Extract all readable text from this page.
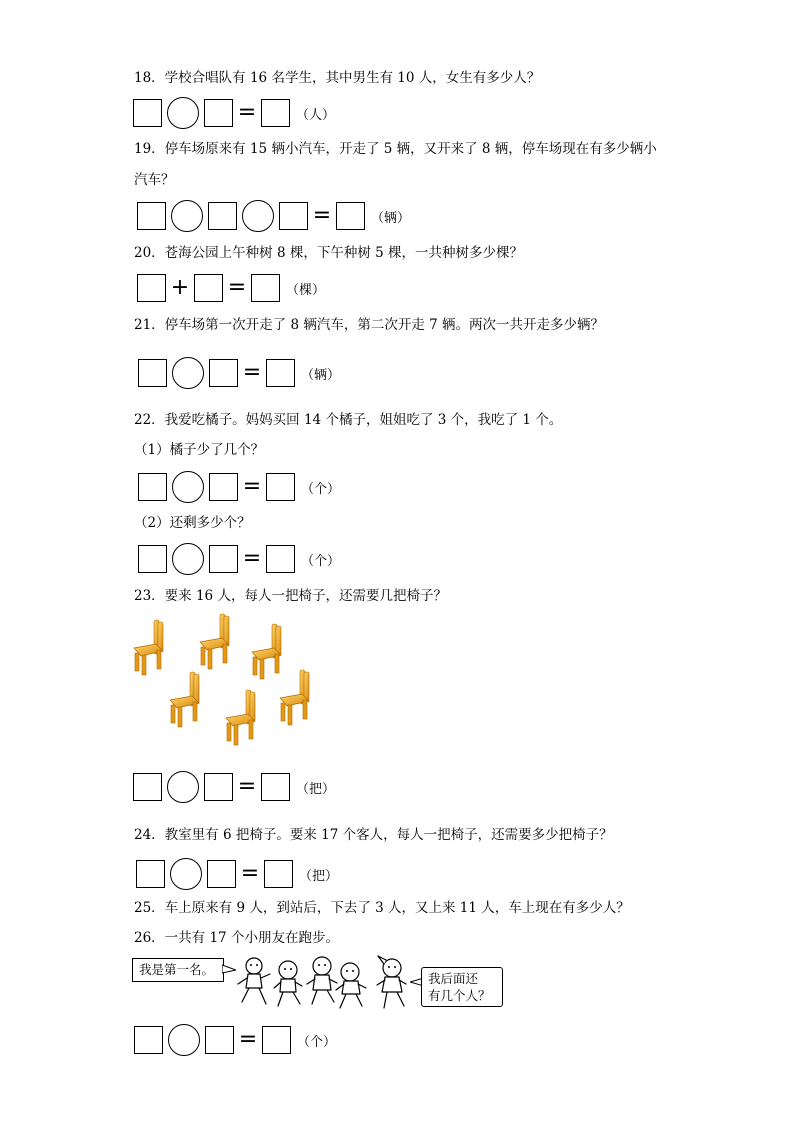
18．学校合唱队有 16 名学生，其中男生有 10 人，女生有多少人？
=	（人）
19．停车场原来有 15 辆小汽车，开走了 5 辆，又开来了 8 辆，停车场现在有多少辆小
汽车？
=	（辆）
20．苍海公园上午种树 8 棵，下午种树 5 棵，一共种树多少棵？
+ =	（棵）
21．停车场第一次开走了 8 辆汽车，第二次开走 7 辆。两次一共开走多少辆？
=	（辆）
22．我爱吃橘子。妈妈买回 14 个橘子，姐姐吃了 3 个，我吃了 1 个。
（1）橘子少了几个？
=	（个）
（2）还剩多少个？
=	（个）
23．要来 16 人，每人一把椅子，还需要几把椅子？
=	（把）
24．教室里有 6 把椅子。要来 17 个客人，每人一把椅子，还需要多少把椅子？
=	（把）
25．车上原来有 9 人，到站后，下去了 3 人，又上来 11 人，车上现在有多少人？
26．一共有 17 个小朋友在跑步。
我是第一名。
我后面还
有几个人？
=	（个）
